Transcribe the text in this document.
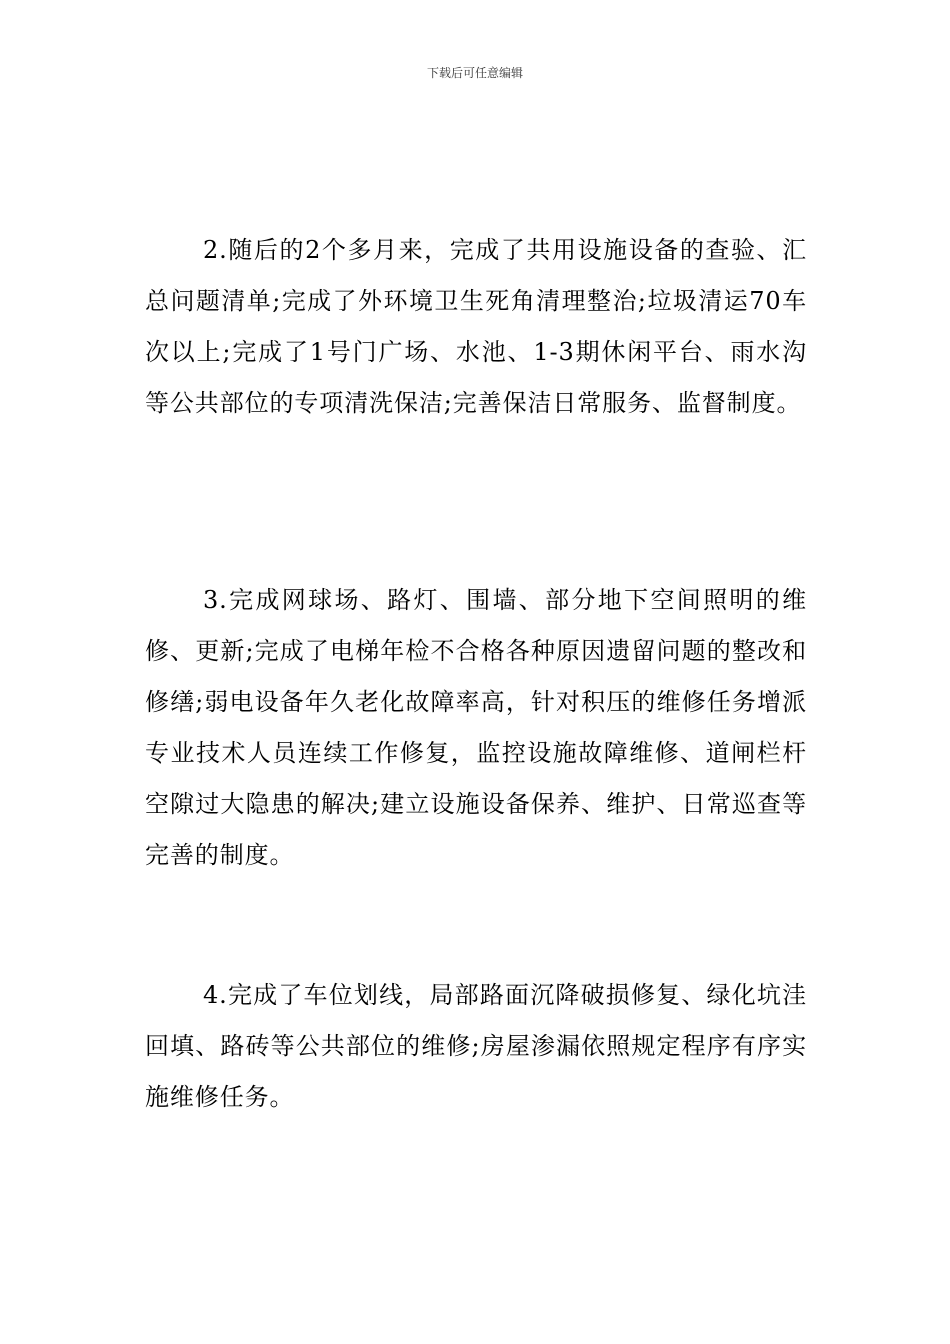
下载后可任意编辑

2.随后的2个多月来，完成了共用设施设备的查验、汇总问题清单;完成了外环境卫生死角清理整治;垃圾清运70车次以上;完成了1号门广场、水池、1-3期休闲平台、雨水沟等公共部位的专项清洗保洁;完善保洁日常服务、监督制度。

3.完成网球场、路灯、围墙、部分地下空间照明的维修、更新;完成了电梯年检不合格各种原因遗留问题的整改和修缮;弱电设备年久老化故障率高，针对积压的维修任务增派专业技术人员连续工作修复，监控设施故障维修、道闸栏杆空隙过大隐患的解决;建立设施设备保养、维护、日常巡查等完善的制度。

4.完成了车位划线，局部路面沉降破损修复、绿化坑洼回填、路砖等公共部位的维修;房屋渗漏依照规定程序有序实施维修任务。
